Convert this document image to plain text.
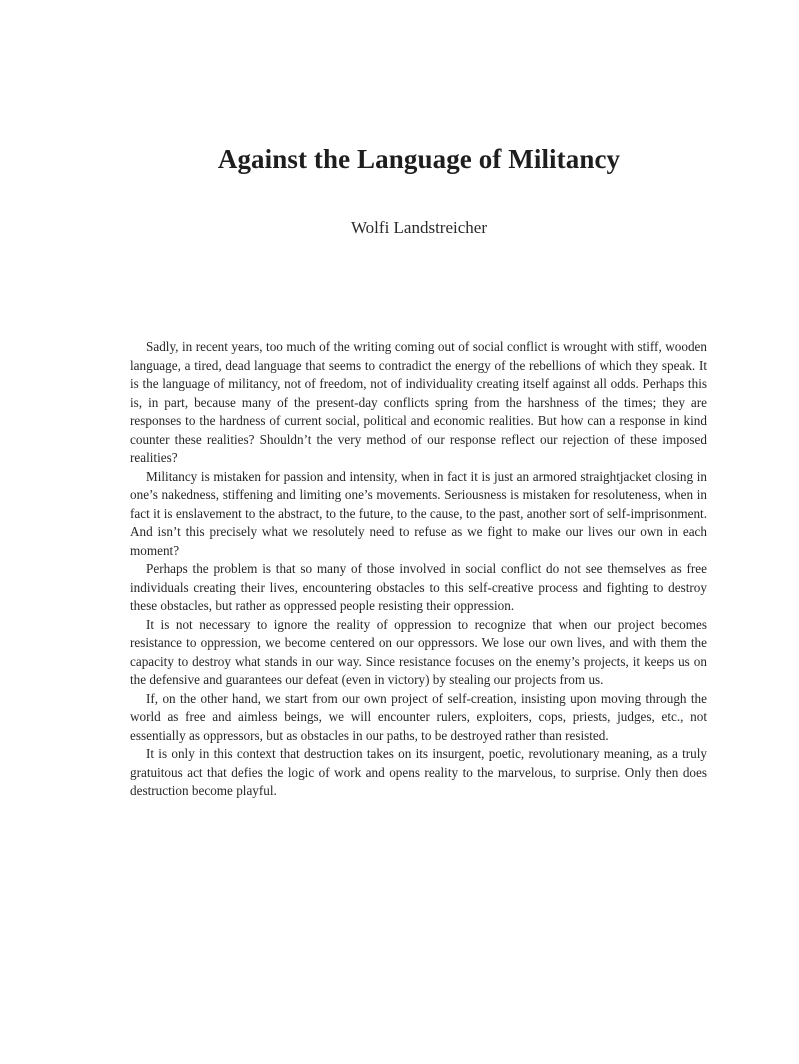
Against the Language of Militancy
Wolfi Landstreicher

Sadly, in recent years, too much of the writing coming out of social conflict is wrought with stiff, wooden language, a tired, dead language that seems to contradict the energy of the rebellions of which they speak. It is the language of militancy, not of freedom, not of individuality creating itself against all odds. Perhaps this is, in part, because many of the present-day conflicts spring from the harshness of the times; they are responses to the hardness of current social, political and economic realities. But how can a response in kind counter these realities? Shouldn’t the very method of our response reflect our rejection of these imposed realities?

Militancy is mistaken for passion and intensity, when in fact it is just an armored straightjacket closing in one’s nakedness, stiffening and limiting one’s movements. Seriousness is mistaken for resoluteness, when in fact it is enslavement to the abstract, to the future, to the cause, to the past, another sort of self-imprisonment. And isn’t this precisely what we resolutely need to refuse as we fight to make our lives our own in each moment?

Perhaps the problem is that so many of those involved in social conflict do not see themselves as free individuals creating their lives, encountering obstacles to this self-creative process and fighting to destroy these obstacles, but rather as oppressed people resisting their oppression.

It is not necessary to ignore the reality of oppression to recognize that when our project becomes resistance to oppression, we become centered on our oppressors. We lose our own lives, and with them the capacity to destroy what stands in our way. Since resistance focuses on the enemy’s projects, it keeps us on the defensive and guarantees our defeat (even in victory) by stealing our projects from us.

If, on the other hand, we start from our own project of self-creation, insisting upon moving through the world as free and aimless beings, we will encounter rulers, exploiters, cops, priests, judges, etc., not essentially as oppressors, but as obstacles in our paths, to be destroyed rather than resisted.

It is only in this context that destruction takes on its insurgent, poetic, revolutionary meaning, as a truly gratuitous act that defies the logic of work and opens reality to the marvelous, to surprise. Only then does destruction become playful.
